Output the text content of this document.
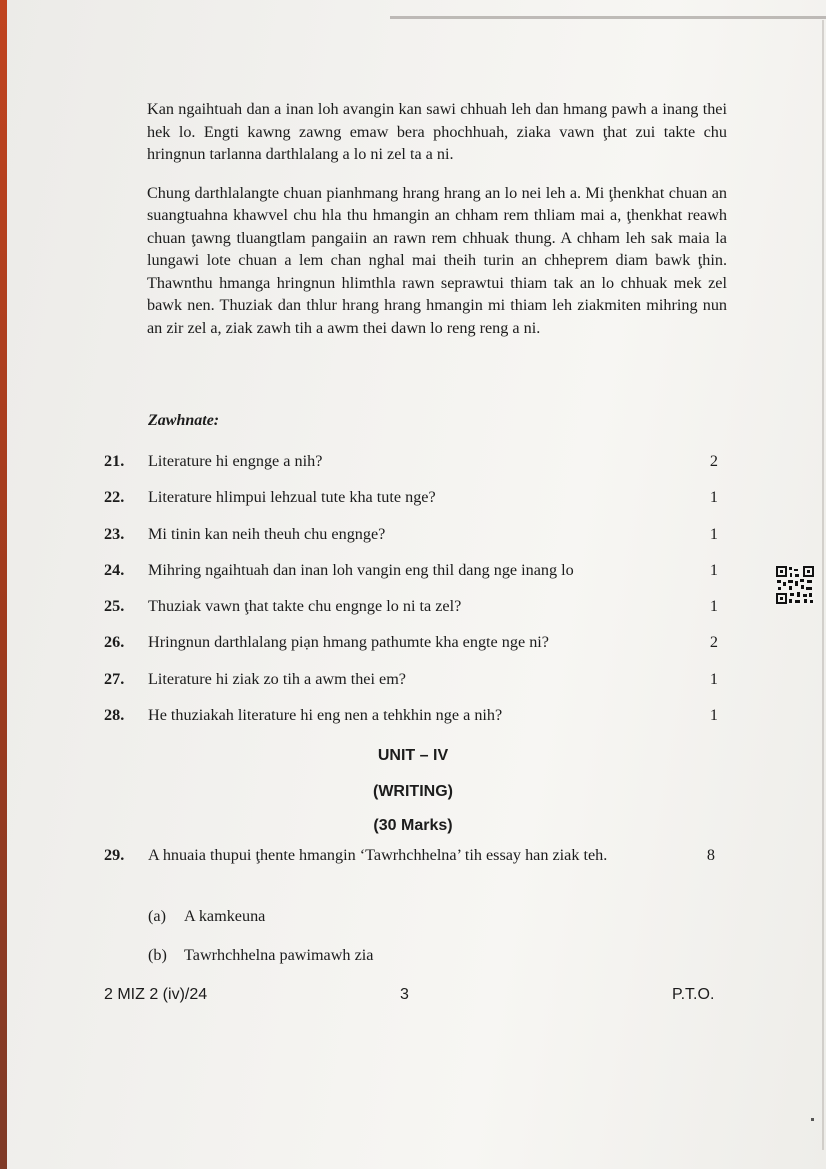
Kan ngaihtuah dan a inan loh avangin kan sawi chhuah leh dan hmang pawh a inang thei hek lo. Engti kawng zawng emaw bera phochhuah, ziaka vawn ţhat zui takte chu hringnun tarlanna darthlalang a lo ni zel ta a ni.

Chung darthlalangte chuan pianhmang hrang hrang an lo nei leh a. Mi ţhenkhat chuan an suangtuahna khawvel chu hla thu hmangin an chham rem thliam mai a, ţhenkhat reawh chuan ţawng tluangtlam pangaiin an rawn rem chhuak thung. A chham leh sak maia la lungawi lote chuan a lem chan nghal mai theih turin an chheprem diam bawk ţhin. Thawnthu hmanga hringnun hlimthla rawn seprawtui thiam tak an lo chhuak mek zel bawk nen. Thuziak dan thlur hrang hrang hmangin mi thiam leh ziakmiten mihring nun an zir zel a, ziak zawh tih a awm thei dawn lo reng reng a ni.

Zawhnate:
21.	Literature hi engnge a nih?	2
22.	Literature hlimpui lehzual tute kha tute nge?	1
23.	Mi tinin kan neih theuh chu engnge?	1
24.	Mihring ngaihtuah dan inan loh vangin eng thil dang nge inang lo	1
25.	Thuziak vawn ţhat takte chu engnge lo ni ta zel?	1
26.	Hringnun darthlalang piạn hmang pathumte kha engte nge ni?	2
27.	Literature hi ziak zo tih a awm thei em?	1
28.	He thuziakah literature hi eng nen a tehkhin nge a nih?	1
UNIT – IV
(WRITING)
(30 Marks)
29. A hnuaia thupui ţhente hmangin ‘Tawrhchhelna’ tih essay han ziak teh.	8
(a) A kamkeuna
(b) Tawrhchhelna pawimawh zia
2 MIZ 2 (iv)/24	3	P.T.O.
